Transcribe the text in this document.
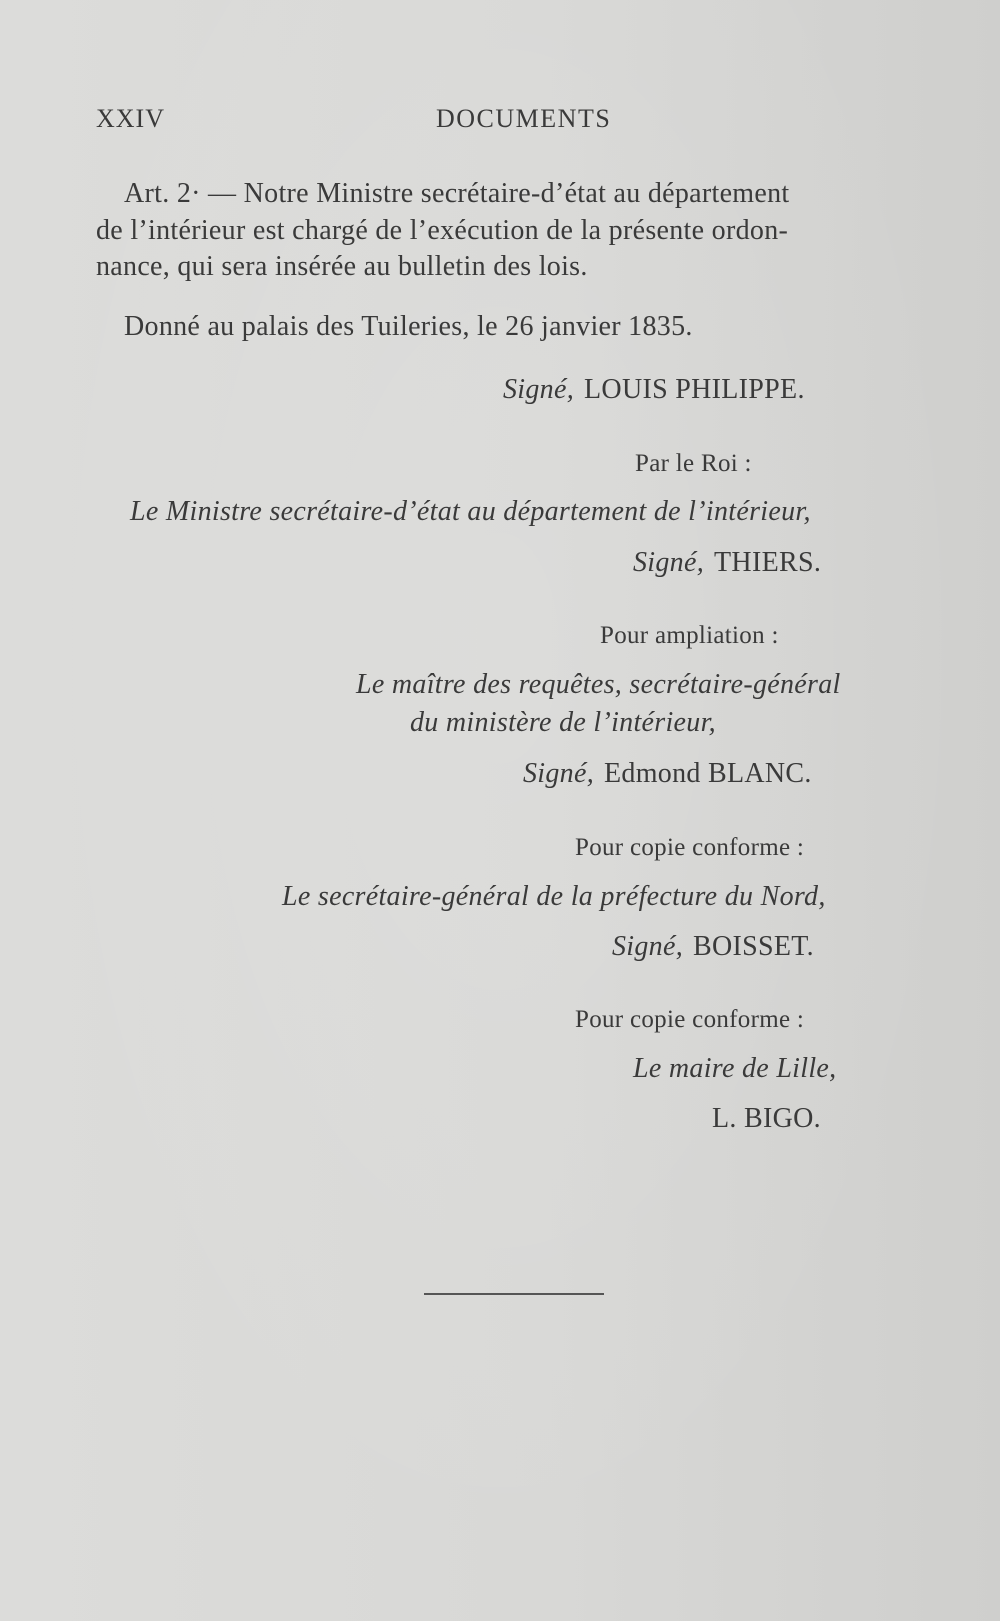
XXIV	DOCUMENTS
Art. 2· — Notre Ministre secrétaire-d’état au département
de l’intérieur est chargé de l’exécution de la présente ordon-
nance, qui sera insérée au bulletin des lois.
Donné au palais des Tuileries, le 26 janvier 1835.
Signé, LOUIS PHILIPPE.
Par le Roi :
Le Ministre secrétaire-d’état au département de l’intérieur,
Signé, THIERS.
Pour ampliation :
Le maître des requêtes, secrétaire-général
du ministère de l’intérieur,
Signé, Edmond BLANC.
Pour copie conforme :
Le secrétaire-général de la préfecture du Nord,
Signé, BOISSET.
Pour copie conforme :
Le maire de Lille,
L. BIGO.
